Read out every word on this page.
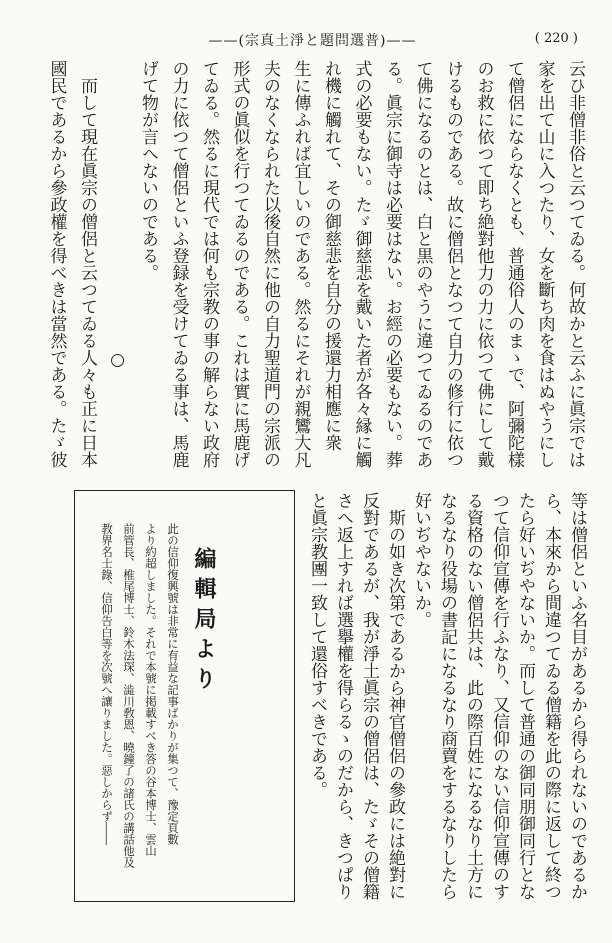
——(宗真土淨と題問選普)——	( 220 )
云ひ非僧非俗と云つてゐる。何故かと云ふに眞宗では
家を出て山に入つたり、女を斷ち肉を食はぬやうにし
て僧侶にならなくとも、普通俗人のまゝで、阿彌陀樣
のお救に依つて即ち絶對他力の力に依つて佛にして戴
けるものである。故に僧侶となつて自力の修行に依つ
て佛になるのとは、白と黒のやうに違つてゐるのであ
る。眞宗に御寺は必要はない。お經の必要もない。葬
式の必要もない。たゞ御慈悲を戴いた者が各々縁に觸
れ機に觸れて、その御慈悲を自分の援還力相應に衆
生に傳ふれば宜しいのである。然るにそれが親鸞大凡
夫のなくなられた以後自然に他の自力聖道門の宗派の
形式の眞似を行つてゐるのである。これは實に馬鹿げ
てゐる。然るに現代では何も宗教の事の解らない政府
の力に依つて僧侶といふ登録を受けてゐる事は、馬鹿
げて物が言へないのである。
○
而して現在眞宗の僧侶と云つてゐる人々も正に日本
國民であるから參政權を得べきは當然である。たゞ彼
等は僧侶といふ名目があるから得られないのであるか
ら、本來から間違つてゐる僧籍を此の際に返して終つ
たら好いぢやないか。而して普通の御同朋御同行とな
つて信仰宣傳を行ふなり、又信仰のない信仰宣傳のす
る資格のない僧侶共は、此の際百姓になるなり土方に
なるなり役場の書記になるなり商賣をするなりしたら
好いぢやないか。
斯の如き次第であるから神官僧侶の參政には絶對に
反對であるが、我が淨土眞宗の僧侶は、たゞその僧籍
さへ返上すれば選擧權を得らるゝのだから、きつぱり
と眞宗教團一致して還俗すべきである。
編輯局より
此の信仰復興號は非常に有益な記事ばかりが集つて、豫定頁數
より約超しました。それで本號に掲載すべき答の谷本博士、雲山
前管長、椎尾博士、鈴木法琛、澁川敎恩、曉鐘了の諸氏の講話他及
教界名士錄、信仰告白等を次號へ讓りました。惡しからず――
